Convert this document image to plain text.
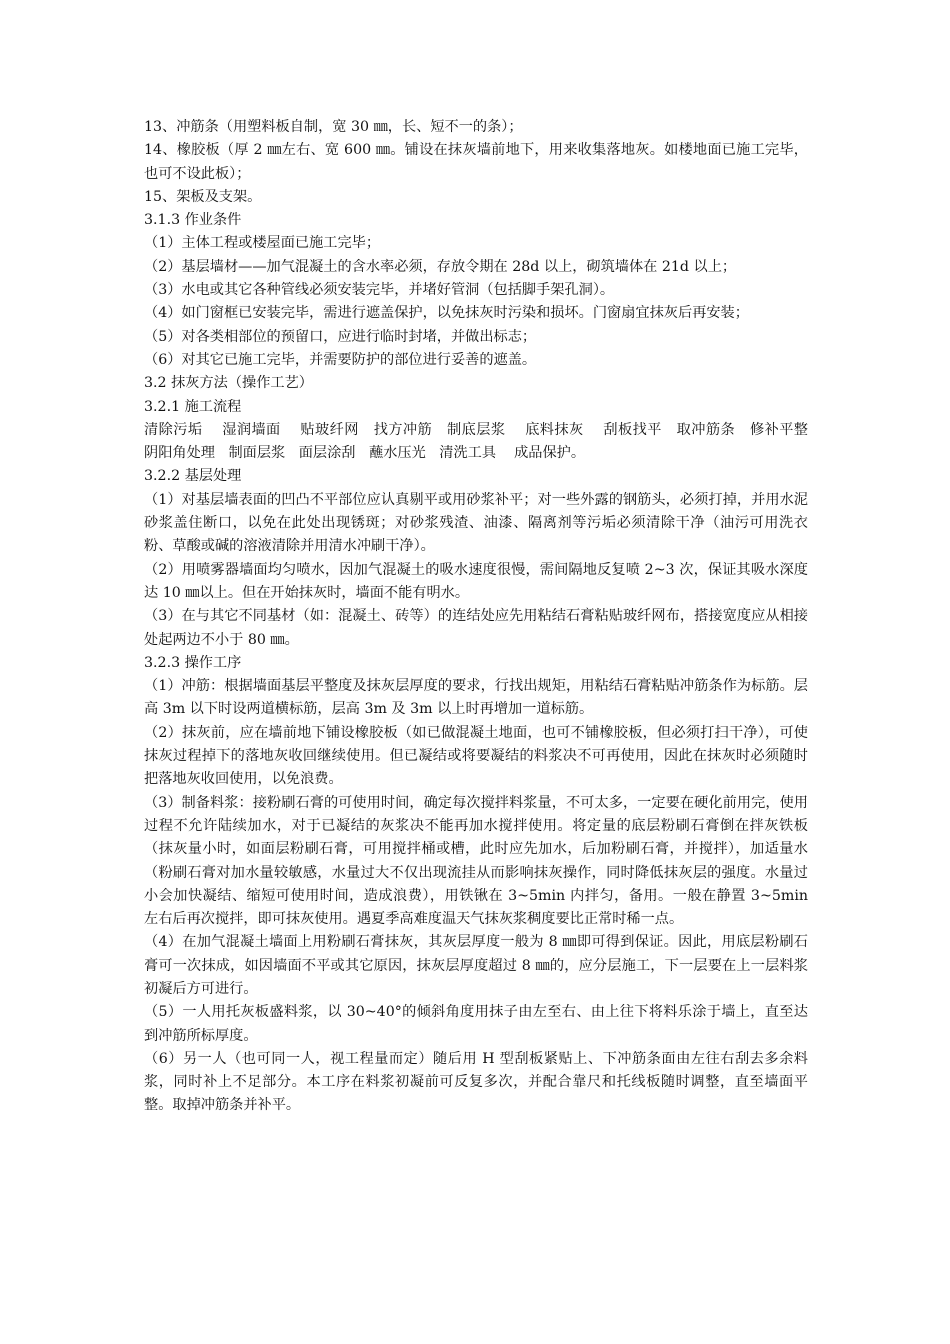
13、冲筋条（用塑料板自制，宽 30 ㎜，长、短不一的条）；

14、橡胶板（厚 2 ㎜左右、宽 600 ㎜。铺设在抹灰墙前地下，用来收集落地灰。如楼地面已施工完毕，也可不设此板）；

15、架板及支架。

3.1.3 作业条件

（1）主体工程或楼屋面已施工完毕；

（2）基层墙材——加气混凝土的含水率必须，存放令期在 28d 以上，砌筑墙体在 21d 以上；

（3）水电或其它各种管线必须安装完毕，并堵好管洞（包括脚手架孔洞）。

（4）如门窗框已安装完毕，需进行遮盖保护，以免抹灰时污染和损坏。门窗扇宜抹灰后再安装；

（5）对各类相部位的预留口，应进行临时封堵，并做出标志；

（6）对其它已施工完毕，并需要防护的部位进行妥善的遮盖。

3.2 抹灰方法（操作工艺）

3.2.1 施工流程

清除污垢    湿润墙面    贴玻纤网   找方冲筋   制底层浆    底料抹灰    刮板找平   取冲筋条   修补平整   阴阳角处理   制面层浆   面层涂刮   蘸水压光   清洗工具    成品保护。

3.2.2 基层处理

（1）对基层墙表面的凹凸不平部位应认真剔平或用砂浆补平；对一些外露的钢筋头，必须打掉，并用水泥砂浆盖住断口，以免在此处出现锈斑；对砂浆残渣、油漆、隔离剂等污垢必须清除干净（油污可用洗衣粉、草酸或碱的溶液清除并用清水冲刷干净）。

（2）用喷雾器墙面均匀喷水，因加气混凝土的吸水速度很慢，需间隔地反复喷 2~3 次，保证其吸水深度达 10 ㎜以上。但在开始抹灰时，墙面不能有明水。

（3）在与其它不同基材（如：混凝土、砖等）的连结处应先用粘结石膏粘贴玻纤网布，搭接宽度应从相接处起两边不小于 80 ㎜。

3.2.3 操作工序

（1）冲筋：根据墙面基层平整度及抹灰层厚度的要求，行找出规矩，用粘结石膏粘贴冲筋条作为标筋。层高 3m 以下时设两道横标筋，层高 3m 及 3m 以上时再增加一道标筋。

（2）抹灰前，应在墙前地下铺设橡胶板（如已做混凝土地面，也可不铺橡胶板，但必须打扫干净），可使抹灰过程掉下的落地灰收回继续使用。但已凝结或将要凝结的料浆决不可再使用，因此在抹灰时必须随时把落地灰收回使用，以免浪费。

（3）制备料浆：接粉刷石膏的可使用时间，确定每次搅拌料浆量，不可太多，一定要在硬化前用完，使用过程不允许陆续加水，对于已凝结的灰浆决不能再加水搅拌使用。将定量的底层粉刷石膏倒在拌灰铁板（抹灰量小时，如面层粉刷石膏，可用搅拌桶或槽，此时应先加水，后加粉刷石膏，并搅拌），加适量水（粉刷石膏对加水量较敏感，水量过大不仅出现流挂从而影响抹灰操作，同时降低抹灰层的强度。水量过小会加快凝结、缩短可使用时间，造成浪费），用铁锹在 3~5min 内拌匀，备用。一般在静置 3~5min 左右后再次搅拌，即可抹灰使用。遇夏季高难度温天气抹灰浆稠度要比正常时稀一点。

（4）在加气混凝土墙面上用粉刷石膏抹灰，其灰层厚度一般为 8 ㎜即可得到保证。因此，用底层粉刷石膏可一次抹成，如因墙面不平或其它原因，抹灰层厚度超过 8 ㎜的，应分层施工，下一层要在上一层料浆初凝后方可进行。

（5）一人用托灰板盛料浆，以 30~40°的倾斜角度用抹子由左至右、由上往下将料乐涂于墙上，直至达到冲筋所标厚度。

（6）另一人（也可同一人，视工程量而定）随后用 H 型刮板紧贴上、下冲筋条面由左往右刮去多余料浆，同时补上不足部分。本工序在料浆初凝前可反复多次，并配合靠尺和托线板随时调整，直至墙面平整。取掉冲筋条并补平。
